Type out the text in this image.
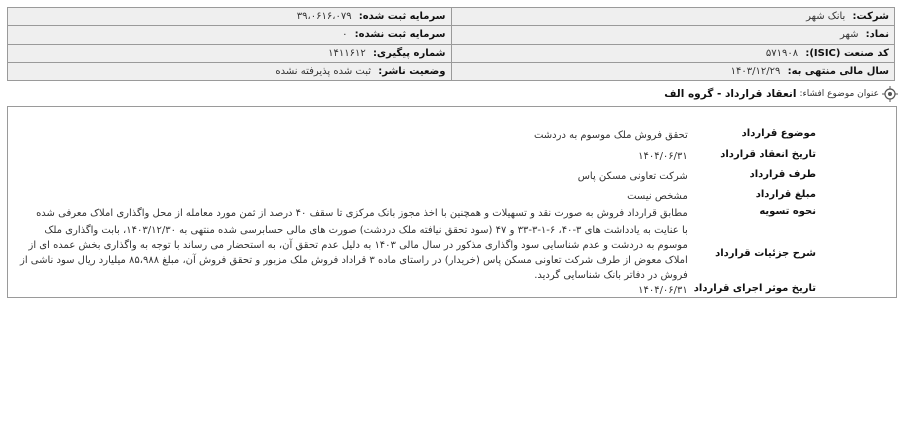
شرکت: بانک شهر	سرمایه ثبت شده: ۳۹،۰۶۱۶،۰۷۹
نماد: شهر	سرمایه ثبت نشده: ۰
کد صنعت (ISIC): ۵۷۱۹۰۸	شماره پیگیری: ۱۴۱۱۶۱۲
سال مالی منتهی به: ۱۴۰۳/۱۲/۲۹	وضعیت ناشر: ثبت شده پذیرفته نشده
عنوان موضوع افشاء:انعقاد قرارداد - گروه الف
موضوع قرارداد	تحقق فروش ملک موسوم به دردشت
تاریخ انعقاد قرارداد	۱۴۰۴/۰۶/۳۱
طرف قرارداد	شرکت تعاونی مسکن پاس
مبلغ قرارداد	مشخص نیست
نحوه تسویه	مطابق قرارداد فروش به صورت نقد و تسهیلات و همچنین با اخذ مجوز بانک مرکزی تا سقف ۴۰ درصد از ثمن مورد معامله از محل واگذاری املاک معرفی شده
شرح جزئیات قرارداد	با عنایت به یادداشت های ۳-۴۰، ۶-۱-۳-۳۳ و ۴۷ (سود تحقق نیافته ملک دردشت) صورت های مالی حسابرسی شده منتهی به ۱۴۰۳/۱۲/۳۰، بابت واگذاری ملک موسوم به دردشت و عدم شناسایی سود واگذاری مذکور در سال مالی ۱۴۰۳ به دلیل عدم تحقق آن، به استحضار می رساند با توجه به واگذاری بخش عمده ای از املاک معوض از طرف شرکت تعاونی مسکن پاس (خریدار) در راستای ماده ۳ قراداد فروش ملک مزبور و تحقق فروش آن، مبلغ ۸۵،۹۸۸ میلیارد ریال سود ناشی از فروش در دفاتر بانک شناسایی گردید.
تاریخ موثر اجرای قرارداد	۱۴۰۴/۰۶/۳۱
